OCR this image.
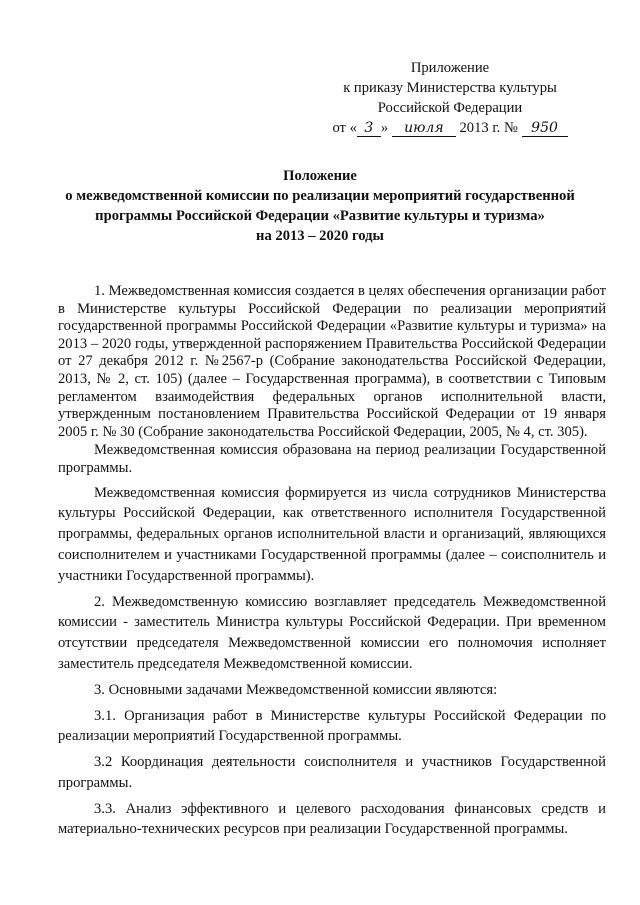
Приложение
к приказу Министерства культуры
Российской Федерации
от « 3 » июля 2013 г. № 950
Положение
о межведомственной комиссии по реализации мероприятий государственной
программы Российской Федерации «Развитие культуры и туризма»
на 2013 – 2020 годы

1. Межведомственная комиссия создается в целях обеспечения организации работ в Министерстве культуры Российской Федерации по реализации мероприятий государственной программы Российской Федерации «Развитие культуры и туризма» на 2013 – 2020 годы, утвержденной распоряжением Правительства Российской Федерации от 27 декабря 2012 г. №2567-р (Собрание законодательства Российской Федерации, 2013, № 2, ст. 105) (далее – Государственная программа), в соответствии с Типовым регламентом взаимодействия федеральных органов исполнительной власти, утвержденным постановлением Правительства Российской Федерации от 19 января 2005 г. № 30 (Собрание законодательства Российской Федерации, 2005, № 4, ст. 305).

Межведомственная комиссия образована на период реализации Государственной программы.

Межведомственная комиссия формируется из числа сотрудников Министерства культуры Российской Федерации, как ответственного исполнителя Государственной программы, федеральных органов исполнительной власти и организаций, являющихся соисполнителем и участниками Государственной программы (далее – соисполнитель и участники Государственной программы).

2. Межведомственную комиссию возглавляет председатель Межведомственной комиссии - заместитель Министра культуры Российской Федерации. При временном отсутствии председателя Межведомственной комиссии его полномочия исполняет заместитель председателя Межведомственной комиссии.

3. Основными задачами Межведомственной комиссии являются:

3.1. Организация работ в Министерстве культуры Российской Федерации по реализации мероприятий Государственной программы.

3.2 Координация деятельности соисполнителя и участников Государственной программы.

3.3. Анализ эффективного и целевого расходования финансовых средств и материально-технических ресурсов при реализации Государственной программы.
